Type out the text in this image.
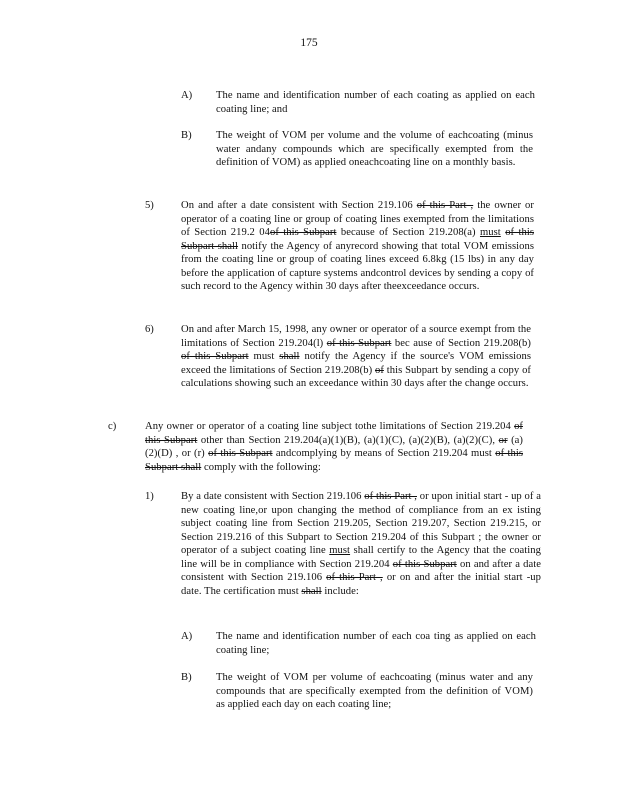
175
A) The name and identification number of each coating as applied on each coating line; and
B) The weight of VOM per volume and the volume of eachcoating (minus water andany compounds which are specifically exempted from the definition of VOM) as applied oneachcoating line on a monthly basis.
5)	On and after a date consistent with Section 219.106 of this Part , the owner or operator of a coating line or group of coating lines exempted from the limitations of Section 219.2 04of this Subpart because of Section 219.208(a) must of this Subpart shall notify the Agency of anyrecord showing that total VOM emissions from the coating line or group of coating lines exceed 6.8kg (15 lbs) in any day before the application of capture systems andcontrol devices by sending a copy of such record to the Agency within 30 days after theexceedance occurs.
6)	On and after March 15, 1998, any owner or operator of a source exempt from the limitations of Section 219.204(l) of this Subpart bec ause of Section 219.208(b) of this Subpart must shall notify the Agency if the source's VOM emissions exceed the limitations of Section 219.208(b) of this Subpart by sending a copy of calculations showing such an exceedance within 30 days after the change occurs.
c)	Any owner or operator of a coating line subject tothe limitations of Section 219.204 of this Subpart other than Section 219.204(a)(1)(B), (a)(1)(C), (a)(2)(B), (a)(2)(C), or (a)(2)(D) , or (r) of this Subpart andcomplying by means of Section 219.204 must of this Subpart shall comply with the following:
1)	By a date consistent with Section 219.106 of this Part , or upon initial start - up of a new coating line,or upon changing the method of compliance from an ex isting subject coating line from Section 219.205, Section 219.207, Section 219.215, or Section 219.216 of this Subpart to Section 219.204 of this Subpart ; the owner or operator of a subject coating line must shall certify to the Agency that the coating line will be in compliance with Section 219.204 of this Subpart on and after a date consistent with Section 219.106 of this Part , or on and after the initial start -up date. The certification must shall include:
A) The name and identification number of each coa ting as applied on each coating line;
B) The weight of VOM per volume of eachcoating (minus water and any compounds that are specifically exempted from the definition of VOM) as applied each day on each coating line;
